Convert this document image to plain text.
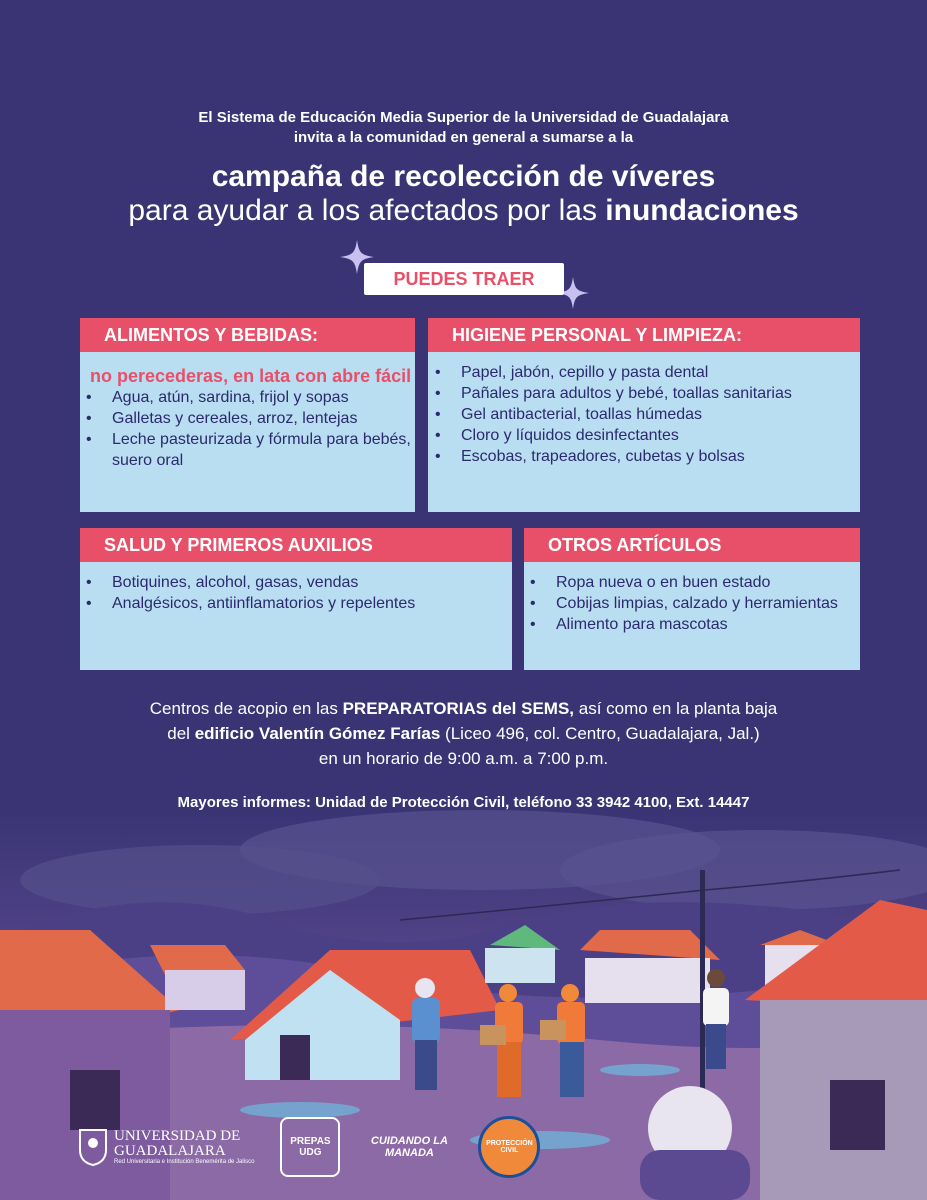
El Sistema de Educación Media Superior de la Universidad de Guadalajara
invita a la comunidad en general a sumarse a la
campaña de recolección de víveres
para ayudar a los afectados por las inundaciones
PUEDES TRAER
ALIMENTOS Y BEBIDAS:
no perecederas, en lata con abre fácil
• Agua, atún, sardina, frijol y sopas
• Galletas y cereales, arroz, lentejas
• Leche pasteurizada y fórmula para bebés, suero oral
HIGIENE PERSONAL Y LIMPIEZA:
• Papel, jabón, cepillo y pasta dental
• Pañales para adultos y bebé, toallas sanitarias
• Gel antibacterial, toallas húmedas
• Cloro y líquidos desinfectantes
• Escobas, trapeadores, cubetas y bolsas
SALUD Y PRIMEROS AUXILIOS
• Botiquines, alcohol, gasas, vendas
• Analgésicos, antiinflamatorios y repelentes
OTROS ARTÍCULOS
• Ropa nueva o en buen estado
• Cobijas limpias, calzado y herramientas
• Alimento para mascotas
Centros de acopio en las PREPARATORIAS del SEMS, así como en la planta baja
del edificio Valentín Gómez Farías (Liceo 496, col. Centro, Guadalajara, Jal.)
en un horario de 9:00 a.m. a 7:00 p.m.
Mayores informes: Unidad de Protección Civil, teléfono 33 3942 4100, Ext. 14447
UNIVERSIDAD DE
GUADALAJARA
Red Universitaria e Institución Benemérita de Jalisco
PREPAS UDG
CUIDANDO LA MANADA
PROTECCIÓN CIVIL
